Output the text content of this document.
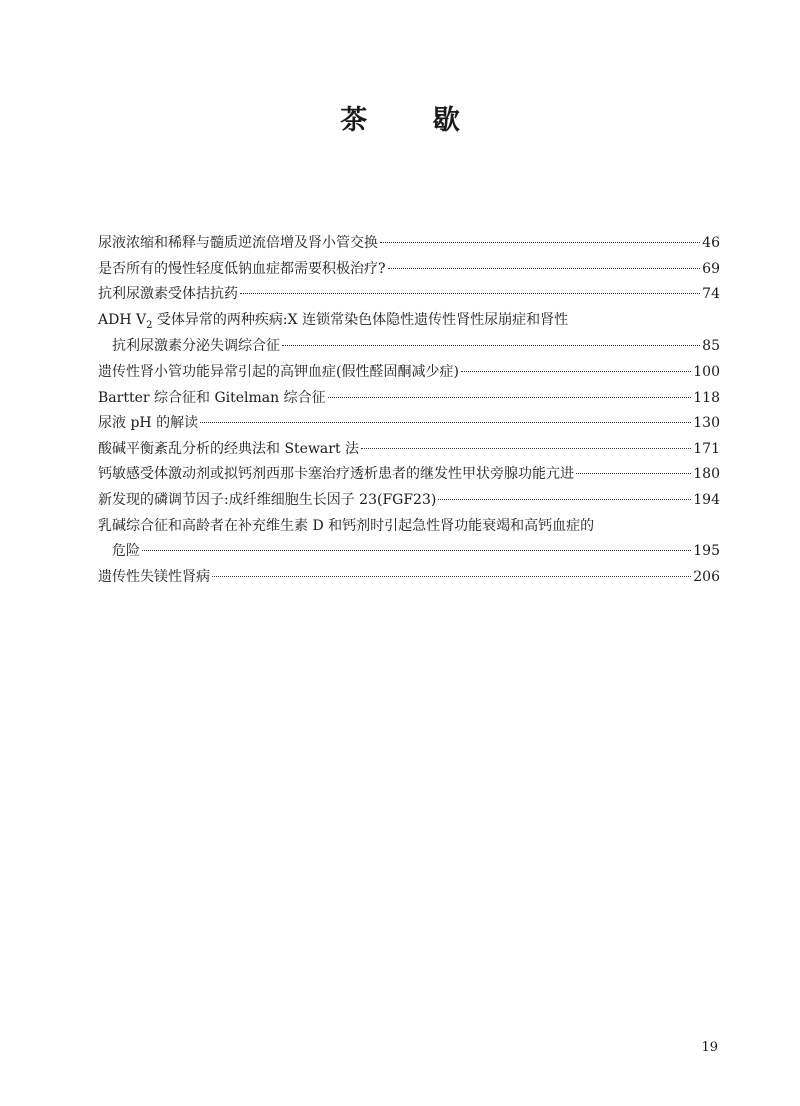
茶 歇
尿液浓缩和稀释与髓质逆流倍增及肾小管交换	46
是否所有的慢性轻度低钠血症都需要积极治疗?	69
抗利尿激素受体拮抗药	74
ADH $V_2$ 受体异常的两种疾病:X 连锁常染色体隐性遗传性肾性尿崩症和肾性
抗利尿激素分泌失调综合征	85
遗传性肾小管功能异常引起的高钾血症(假性醛固酮减少症)	100
Bartter 综合征和 Gitelman 综合征	118
尿液 pH 的解读	130
酸碱平衡紊乱分析的经典法和 Stewart 法	171
钙敏感受体激动剂或拟钙剂西那卡塞治疗透析患者的继发性甲状旁腺功能亢进	180
新发现的磷调节因子:成纤维细胞生长因子 23(FGF23)	194
乳碱综合征和高龄者在补充维生素 D 和钙剂时引起急性肾功能衰竭和高钙血症的
危险	195
遗传性失镁性肾病	206
19
